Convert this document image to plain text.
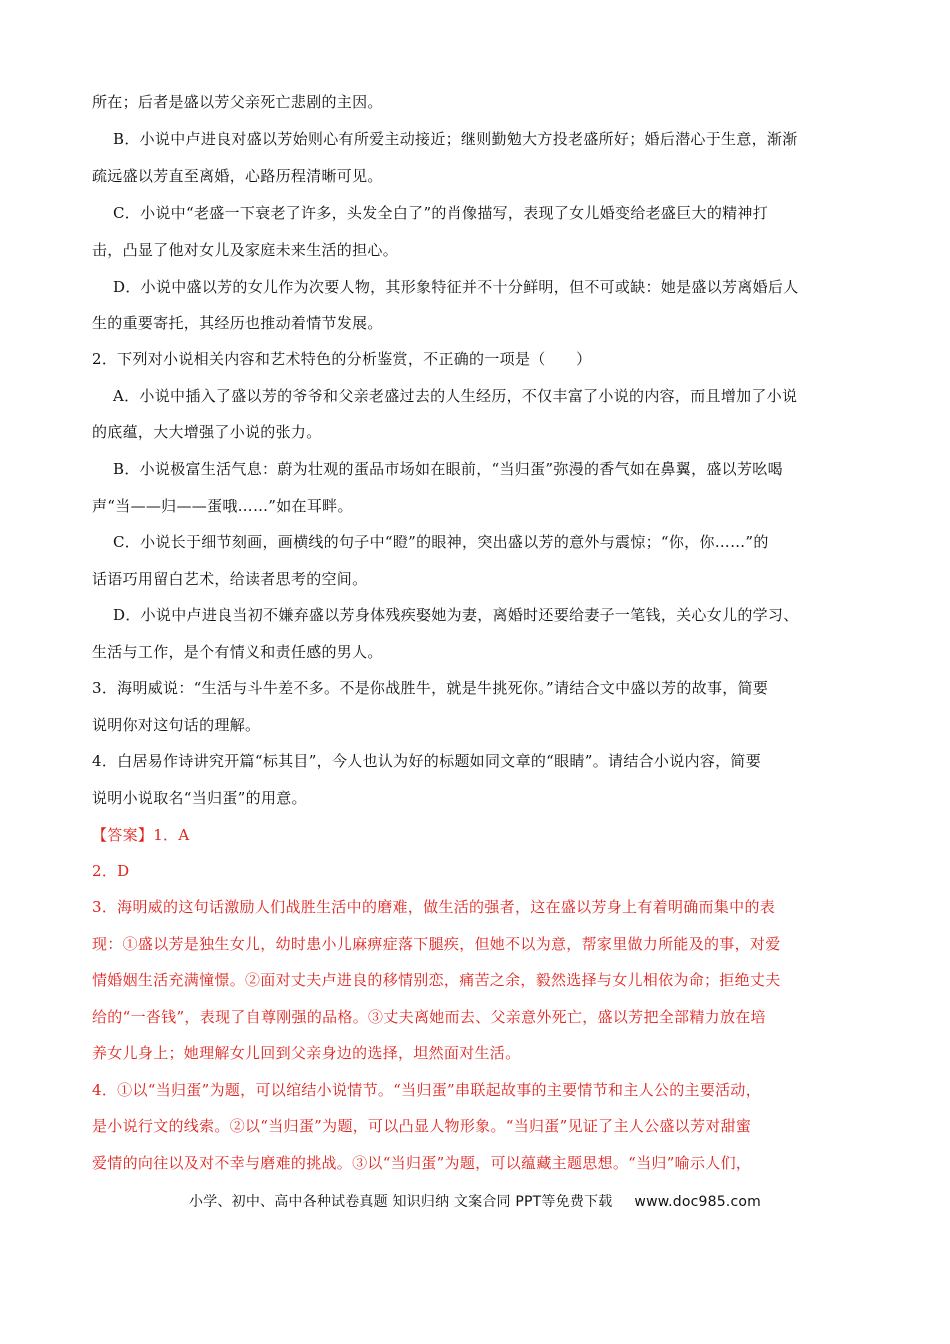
所在；后者是盛以芳父亲死亡悲剧的主因。
B．小说中卢进良对盛以芳始则心有所爱主动接近；继则勤勉大方投老盛所好；婚后潜心于生意，渐渐
疏远盛以芳直至离婚，心路历程清晰可见。
C．小说中“老盛一下衰老了许多，头发全白了”的肖像描写，表现了女儿婚变给老盛巨大的精神打
击，凸显了他对女儿及家庭未来生活的担心。
D．小说中盛以芳的女儿作为次要人物，其形象特征并不十分鲜明，但不可或缺：她是盛以芳离婚后人
生的重要寄托，其经历也推动着情节发展。
2．下列对小说相关内容和艺术特色的分析鉴赏，不正确的一项是（　　）
A．小说中插入了盛以芳的爷爷和父亲老盛过去的人生经历，不仅丰富了小说的内容，而且增加了小说
的底蕴，大大增强了小说的张力。
B．小说极富生活气息：蔚为壮观的蛋品市场如在眼前，“当归蛋”弥漫的香气如在鼻翼，盛以芳吆喝
声“当——归——蛋哦……”如在耳畔。
C．小说长于细节刻画，画横线的句子中“瞪”的眼神，突出盛以芳的意外与震惊；“你，你……”的
话语巧用留白艺术，给读者思考的空间。
D．小说中卢进良当初不嫌弃盛以芳身体残疾娶她为妻，离婚时还要给妻子一笔钱，关心女儿的学习、
生活与工作，是个有情义和责任感的男人。
3．海明威说：“生活与斗牛差不多。不是你战胜牛，就是牛挑死你。”请结合文中盛以芳的故事，简要
说明你对这句话的理解。
4．白居易作诗讲究开篇“标其目”，今人也认为好的标题如同文章的“眼睛”。请结合小说内容，简要
说明小说取名“当归蛋”的用意。
【答案】1．A
2．D
3．海明威的这句话激励人们战胜生活中的磨难，做生活的强者，这在盛以芳身上有着明确而集中的表
现：①盛以芳是独生女儿，幼时患小儿麻痹症落下腿疾，但她不以为意，帮家里做力所能及的事，对爱
情婚姻生活充满憧憬。②面对丈夫卢进良的移情别恋，痛苦之余，毅然选择与女儿相依为命；拒绝丈夫
给的“一沓钱”，表现了自尊刚强的品格。③丈夫离她而去、父亲意外死亡，盛以芳把全部精力放在培
养女儿身上；她理解女儿回到父亲身边的选择，坦然面对生活。
4．①以“当归蛋”为题，可以绾结小说情节。“当归蛋”串联起故事的主要情节和主人公的主要活动，
是小说行文的线索。②以“当归蛋”为题，可以凸显人物形象。“当归蛋”见证了主人公盛以芳对甜蜜
爱情的向往以及对不幸与磨难的挑战。③以“当归蛋”为题，可以蕴藏主题思想。“当归”喻示人们，
小学、初中、高中各种试卷真题 知识归纳 文案合同 PPT等免费下载 www.doc985.com
